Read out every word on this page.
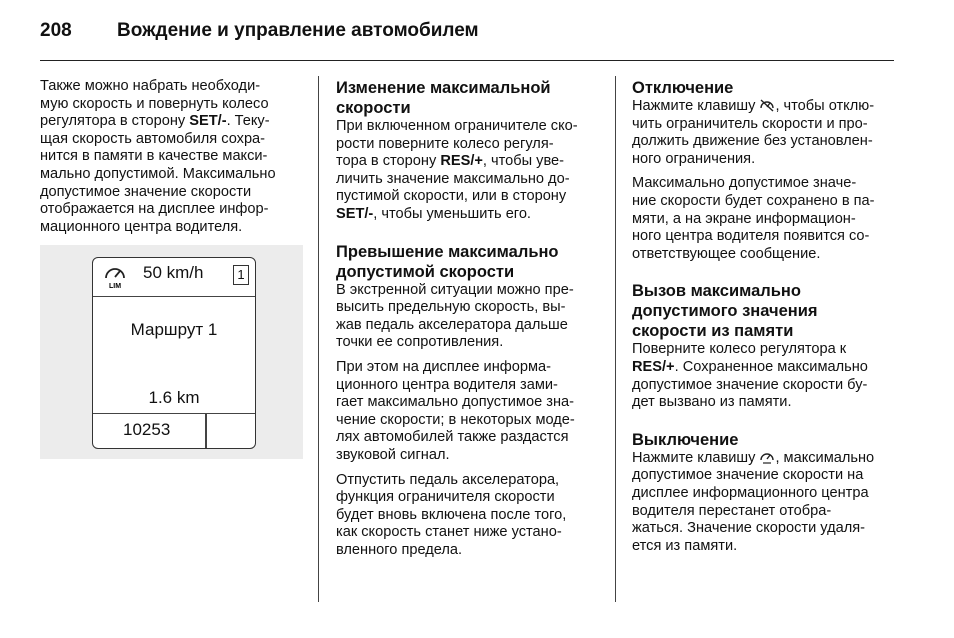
208 Вождение и управление автомобилем

Также можно набрать необходи-
мую скорость и повернуть колесо
регулятора в сторону SET/-. Теку-
щая скорость автомобиля сохра-
нится в памяти в качестве макси-
мально допустимой. Максимально
допустимое значение скорости
отображается на дисплее инфор-
мационного центра водителя.

LIM
50 km/h	1
Маршрут 1
1.6 km
10253
Изменение максимальной
скорости

При включенном ограничителе ско-
рости поверните колесо регуля-
тора в сторону RES/+, чтобы уве-
личить значение максимально до-
пустимой скорости, или в сторону
SET/-, чтобы уменьшить его.

Превышение максимально
допустимой скорости

В экстренной ситуации можно пре-
высить предельную скорость, вы-
жав педаль акселератора дальше
точки ее сопротивления.

При этом на дисплее информа-
ционного центра водителя зами-
гает максимально допустимое зна-
чение скорости; в некоторых моде-
лях автомобилей также раздастся
звуковой сигнал.

Отпустить педаль акселератора,
функция ограничителя скорости
будет вновь включена после того,
как скорость станет ниже устано-
вленного предела.

Отключение

Нажмите клавишу , чтобы отклю-
чить ограничитель скорости и про-
должить движение без установлен-
ного ограничения.

Максимально допустимое значе-
ние скорости будет сохранено в па-
мяти, а на экране информацион-
ного центра водителя появится со-
ответствующее сообщение.

Вызов максимально
допустимого значения
скорости из памяти

Поверните колесо регулятора к
RES/+. Сохраненное максимально
допустимое значение скорости бу-
дет вызвано из памяти.

Выключение

Нажмите клавишу , максимально
допустимое значение скорости на
дисплее информационного центра
водителя перестанет отобра-
жаться. Значение скорости удаля-
ется из памяти.
